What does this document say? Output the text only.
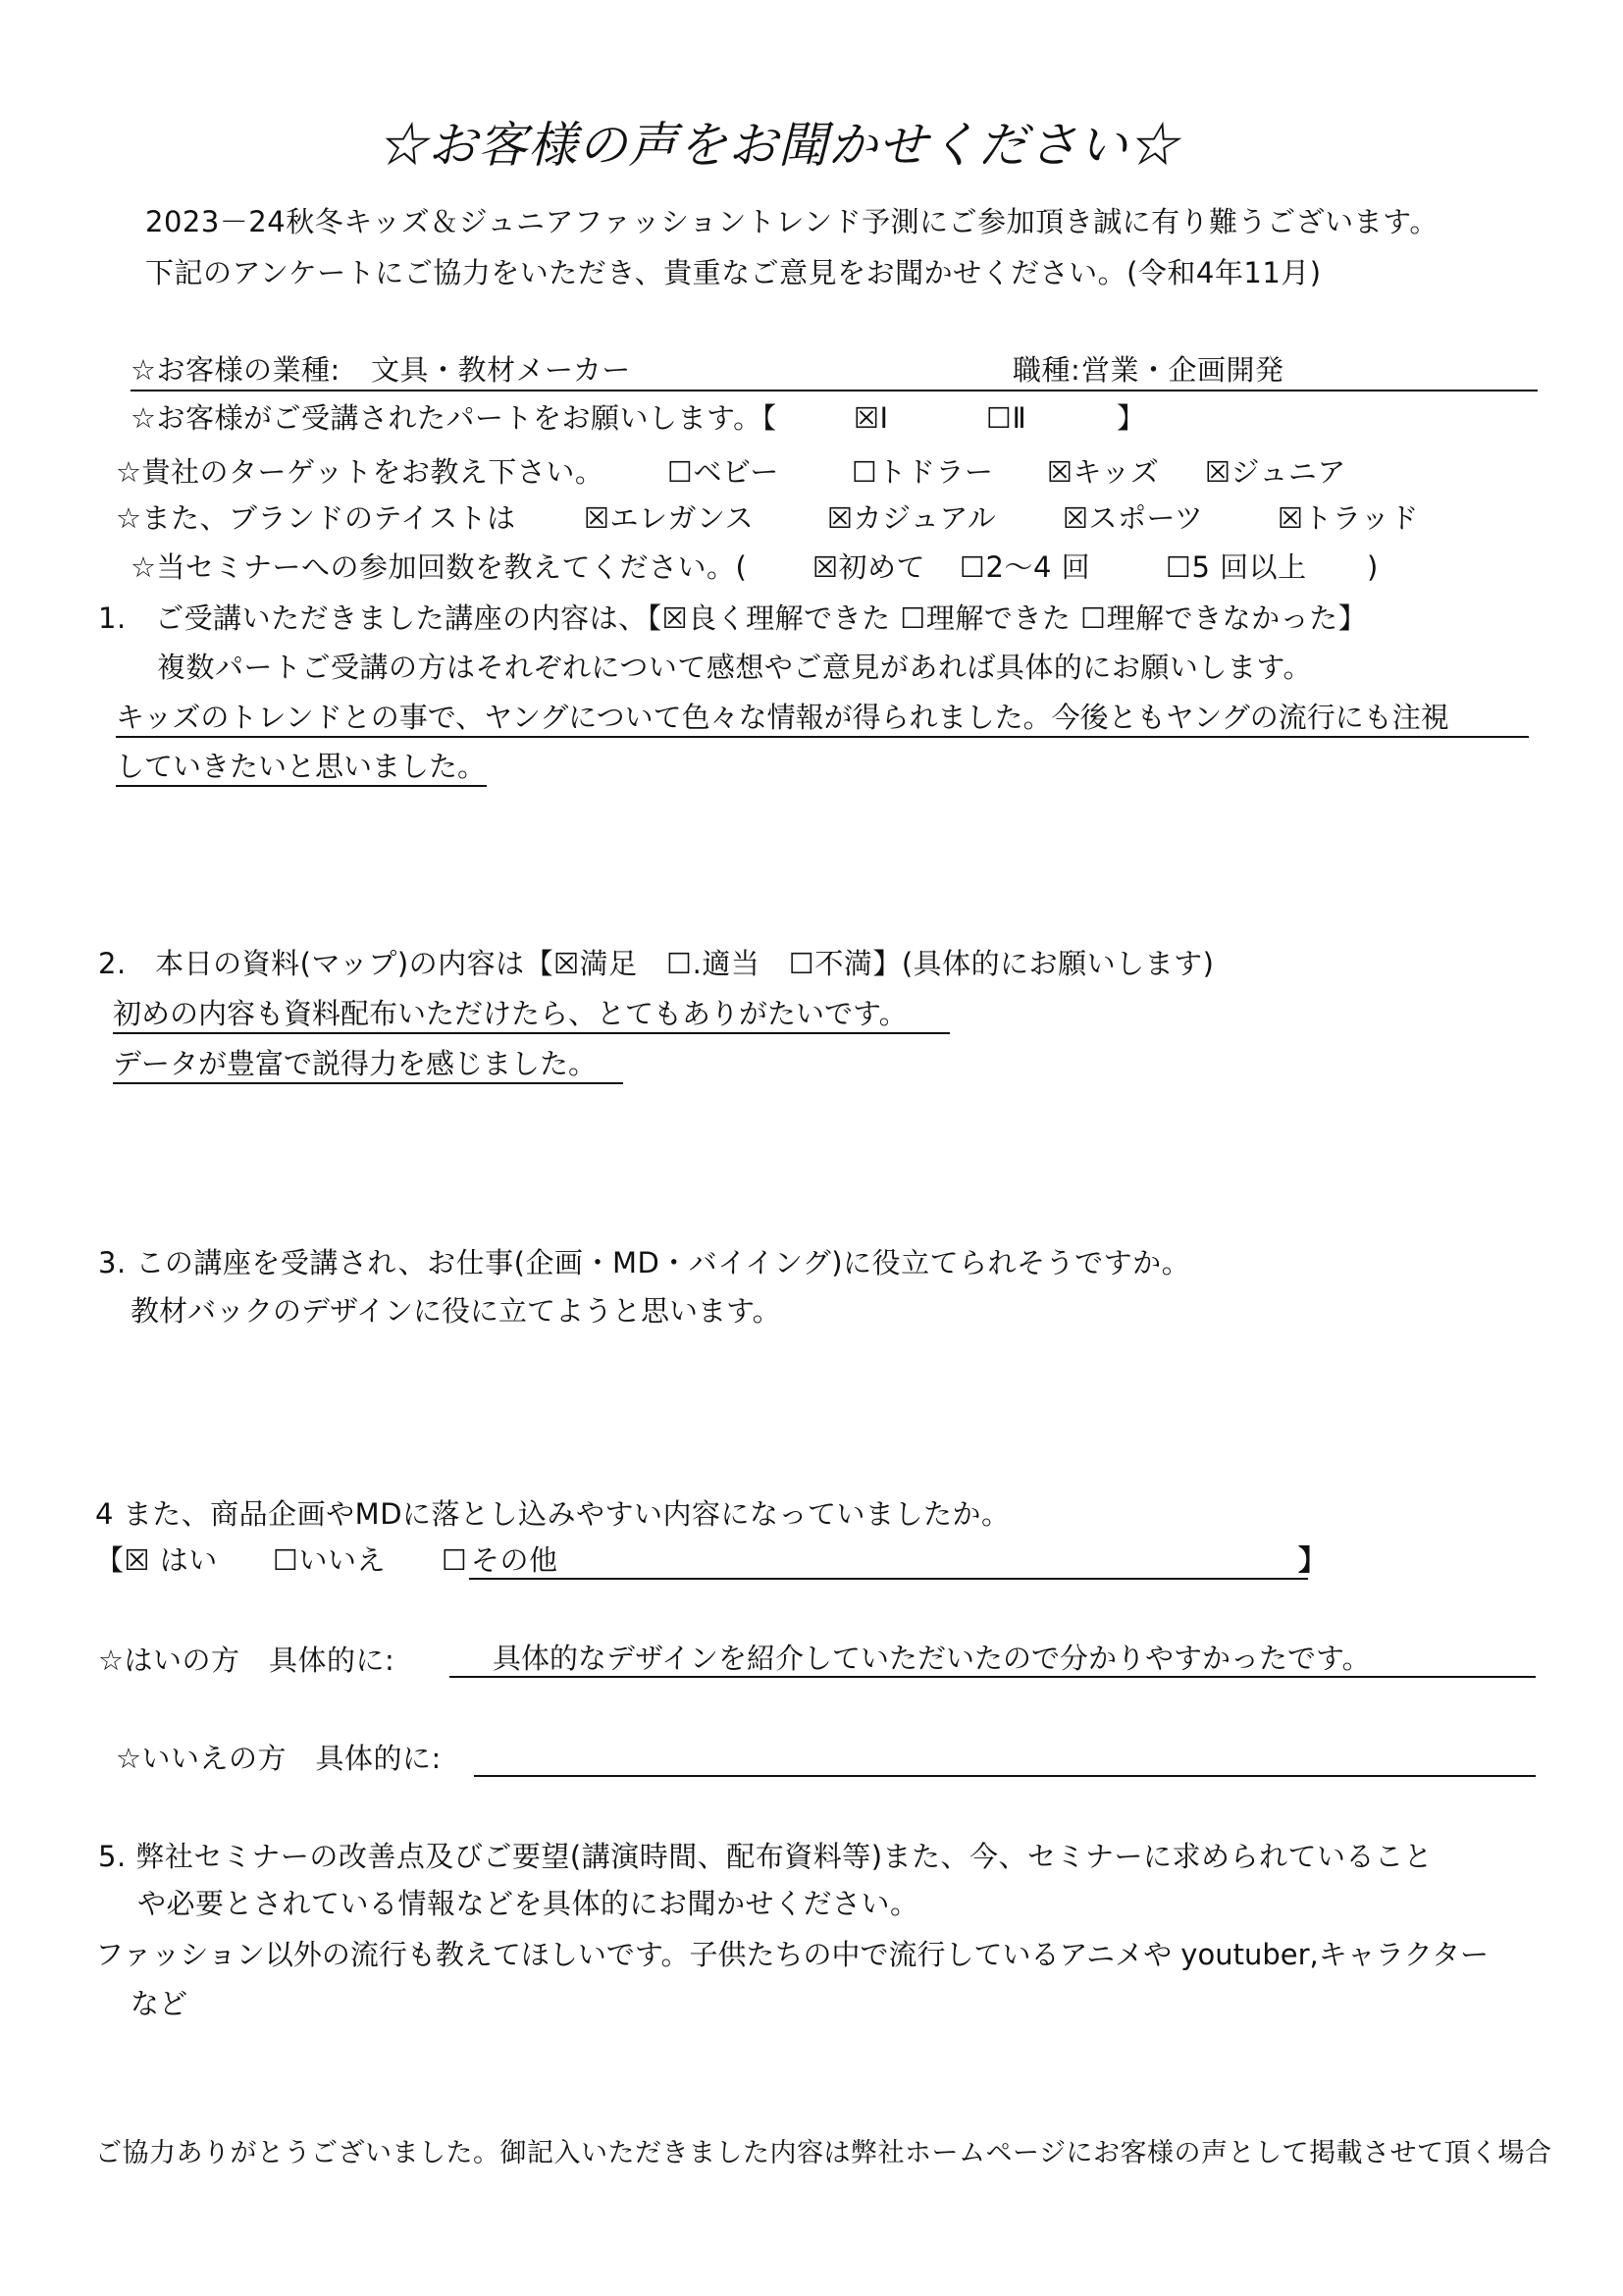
☆お客様の声をお聞かせください☆
2023－24秋冬キッズ＆ジュニアファッショントレンド予測にご参加頂き誠に有り難うございます。
下記のアンケートにご協力をいただき、貴重なご意見をお聞かせください。(令和4年11月)
☆お客様の業種: 文具・教材メーカー	職種: 営業・企画開発
☆お客様がご受講されたパートをお願いします。【	☒I	☐Ⅱ	】
☆貴社のターゲットをお教え下さい。 ☐ベビー	☐トドラー ☒キッズ ☒ジュニア
☆また、ブランドのテイストは ☒エレガンス	☒カジュアル ☒スポーツ	☒トラッド
☆当セミナーへの参加回数を教えてください。( ☒初めて ☐2～4 回	☐5 回以上 )
1.　ご受講いただきました講座の内容は、【☒良く理解できた ☐理解できた ☐理解できなかった】
複数パートご受講の方はそれぞれについて感想やご意見があれば具体的にお願いします。
キッズのトレンドとの事で、ヤングについて色々な情報が得られました。今後ともヤングの流行にも注視
していきたいと思いました。
2.　本日の資料(マップ)の内容は【☒満足　☐.適当　☐不満】(具体的にお願いします)
初めの内容も資料配布いただけたら、とてもありがたいです。
データが豊富で説得力を感じました。
3. この講座を受講され、お仕事(企画・MD・バイイング)に役立てられそうですか。
教材バックのデザインに役に立てようと思います。
4 また、商品企画やMDに落とし込みやすい内容になっていましたか。
【☒ はい ☐いいえ ☐ その他	】
☆はいの方　具体的に:	具体的なデザインを紹介していただいたので分かりやすかったです。
☆いいえの方　具体的に:
5. 弊社セミナーの改善点及びご要望(講演時間、配布資料等)また、今、セミナーに求められていること
や必要とされている情報などを具体的にお聞かせください。
ファッション以外の流行も教えてほしいです。子供たちの中で流行しているアニメや youtuber,キャラクター
など
ご協力ありがとうございました。御記入いただきました内容は弊社ホームページにお客様の声として掲載させて頂く場合
